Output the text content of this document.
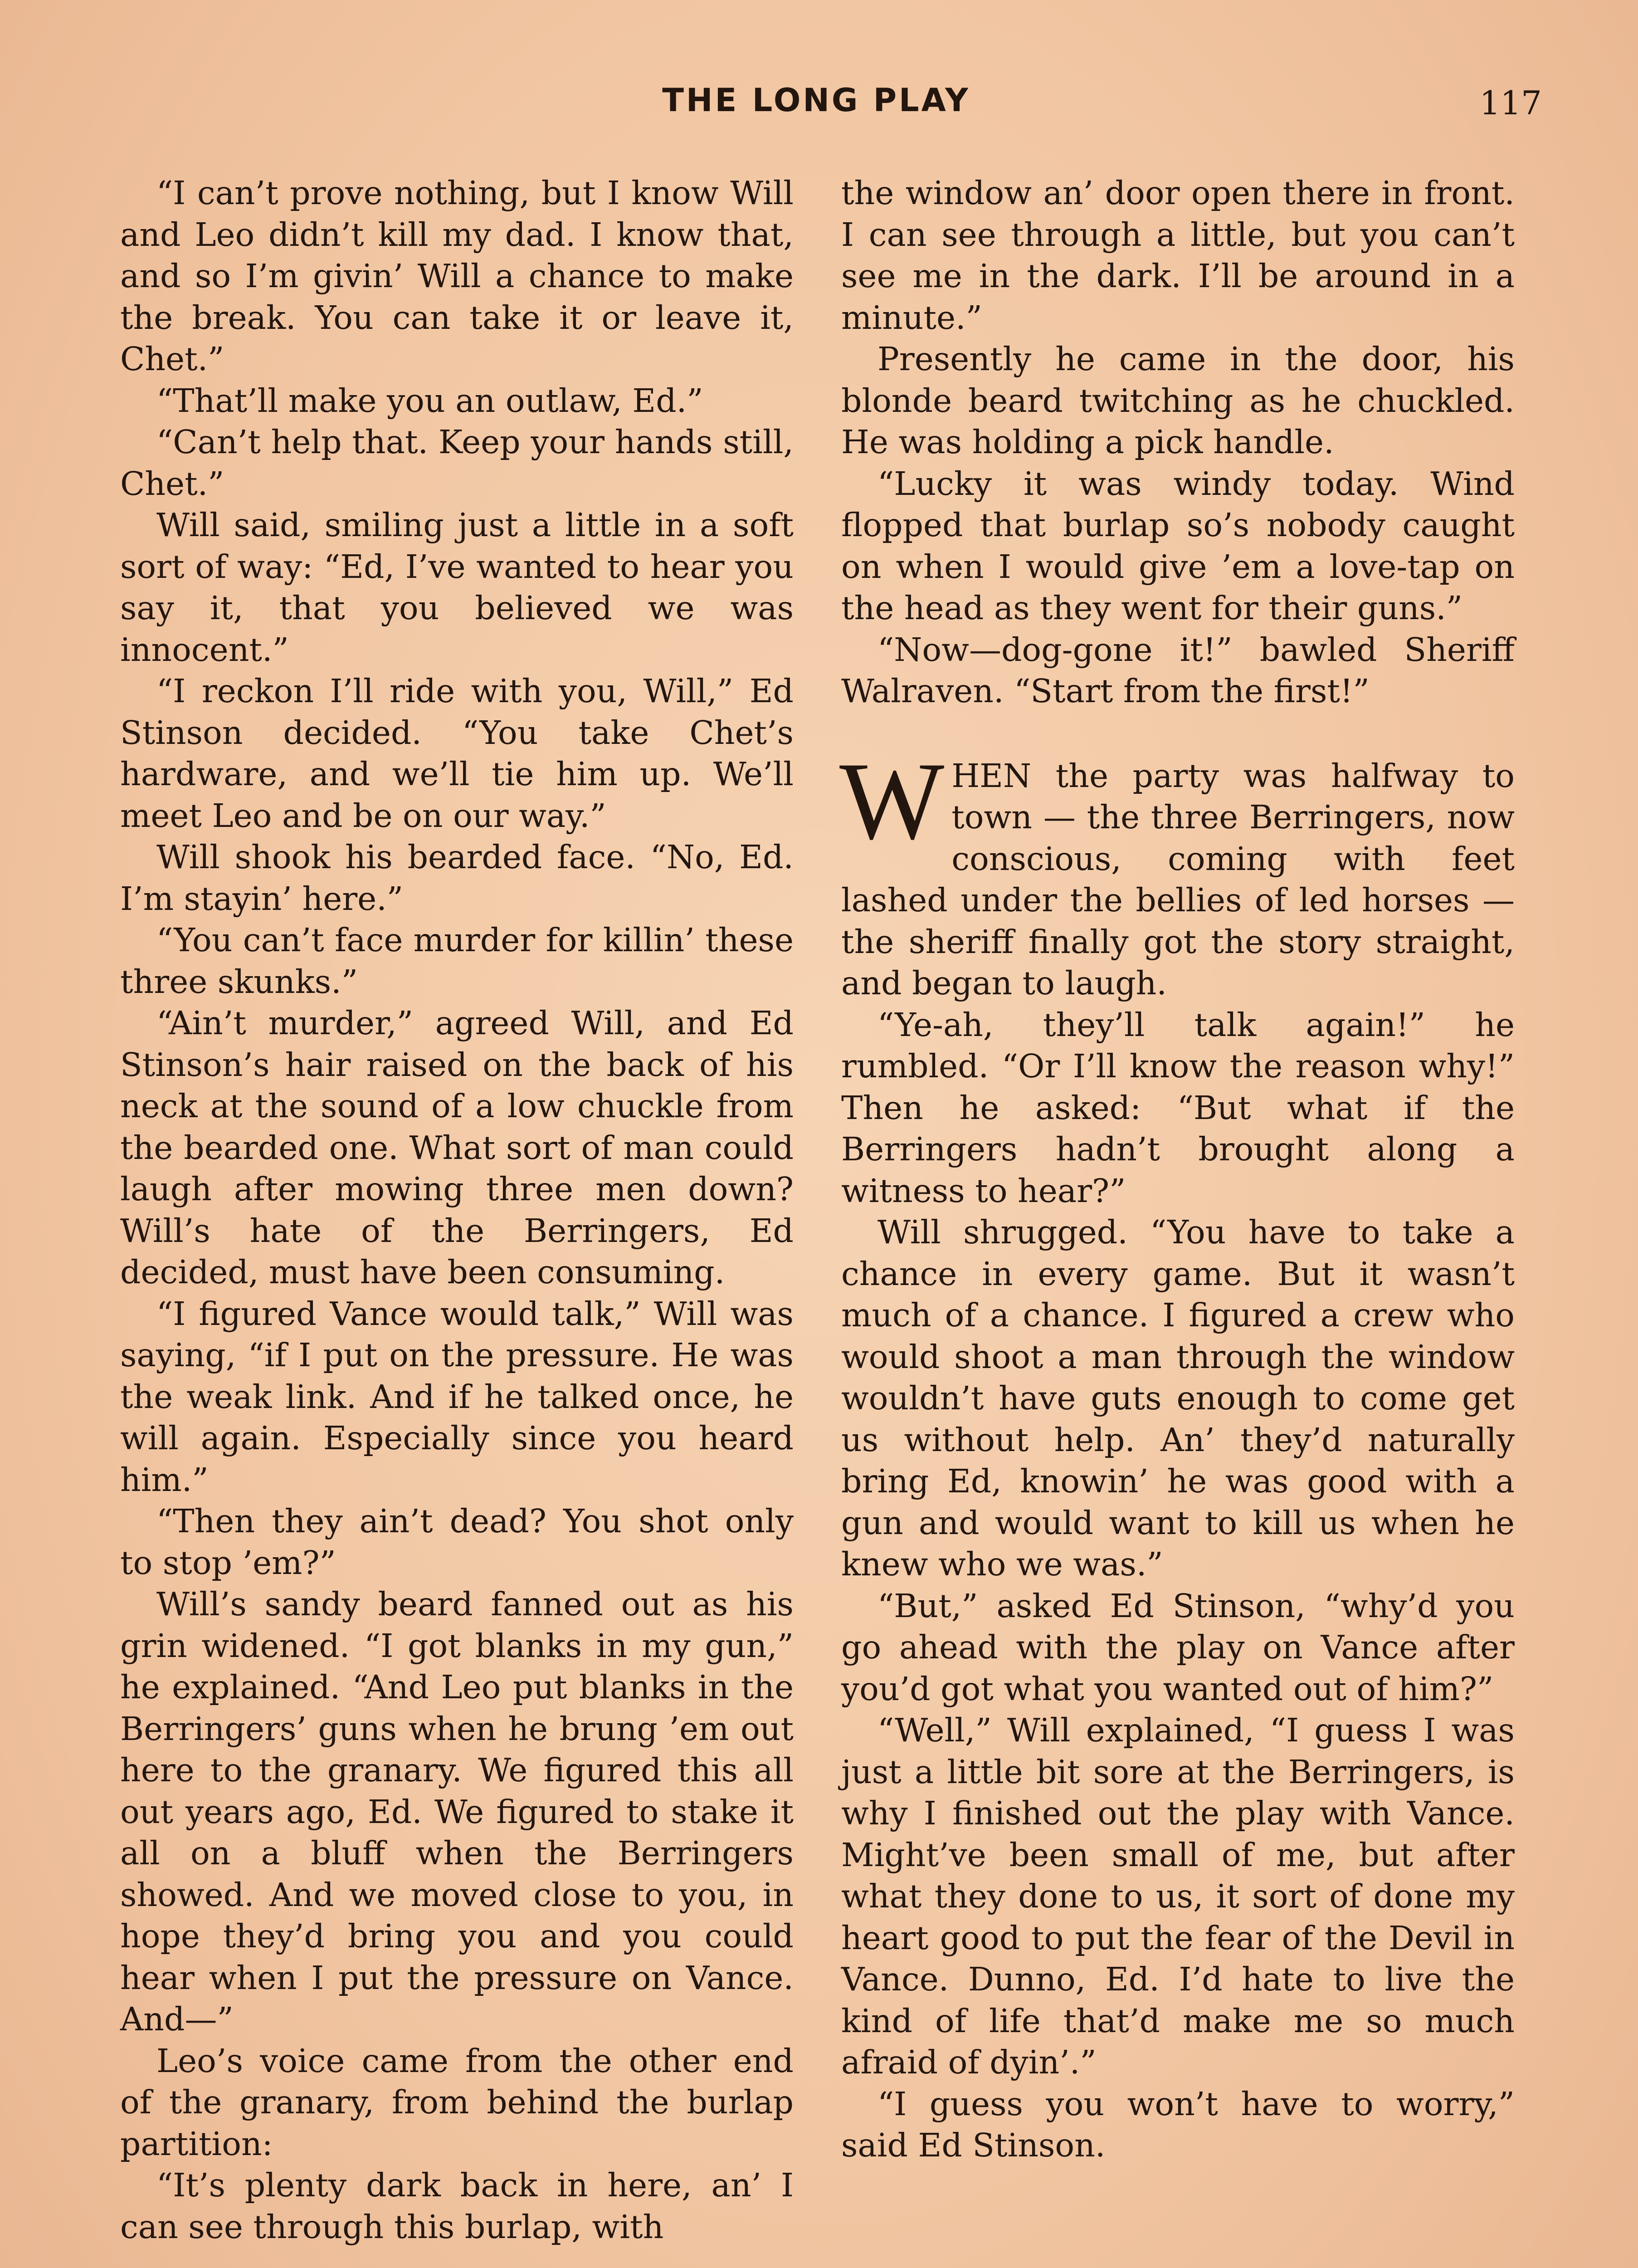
THE LONG PLAY	117

“I can’t prove nothing, but I know Will and Leo didn’t kill my dad. I know that, and so I’m givin’ Will a chance to make the break. You can take it or leave it, Chet.”

“That’ll make you an outlaw, Ed.”

“Can’t help that. Keep your hands still, Chet.”

Will said, smiling just a little in a soft sort of way: “Ed, I’ve wanted to hear you say it, that you believed we was innocent.”

“I reckon I’ll ride with you, Will,” Ed Stinson decided. “You take Chet’s hardware, and we’ll tie him up. We’ll meet Leo and be on our way.”

Will shook his bearded face. “No, Ed. I’m stayin’ here.”

“You can’t face murder for killin’ these three skunks.”

“Ain’t murder,” agreed Will, and Ed Stinson’s hair raised on the back of his neck at the sound of a low chuckle from the bearded one. What sort of man could laugh after mowing three men down? Will’s hate of the Berringers, Ed decided, must have been consuming.

“I figured Vance would talk,” Will was saying, “if I put on the pressure. He was the weak link. And if he talked once, he will again. Especially since you heard him.”

“Then they ain’t dead? You shot only to stop ’em?”

Will’s sandy beard fanned out as his grin widened. “I got blanks in my gun,” he explained. “And Leo put blanks in the Berringers’ guns when he brung ’em out here to the granary. We figured this all out years ago, Ed. We figured to stake it all on a bluff when the Berringers showed. And we moved close to you, in hope they’d bring you and you could hear when I put the pressure on Vance. And—”

Leo’s voice came from the other end of the granary, from behind the burlap partition:

“It’s plenty dark back in here, an’ I can see through this burlap, with

the window an’ door open there in front. I can see through a little, but you can’t see me in the dark. I’ll be around in a minute.”

Presently he came in the door, his blonde beard twitching as he chuckled. He was holding a pick handle.

“Lucky it was windy today. Wind flopped that burlap so’s nobody caught on when I would give ’em a love-tap on the head as they went for their guns.”

“Now—dog-gone it!” bawled Sheriff Walraven. “Start from the first!”

W HEN the party was halfway to town — the three Berringers, now conscious, coming with feet lashed under the bellies of led horses —the sheriff finally got the story straight, and began to laugh.

“Ye-ah, they’ll talk again!” he rumbled. “Or I’ll know the reason why!” Then he asked: “But what if the Berringers hadn’t brought along a witness to hear?”

Will shrugged. “You have to take a chance in every game. But it wasn’t much of a chance. I figured a crew who would shoot a man through the window wouldn’t have guts enough to come get us without help. An’ they’d naturally bring Ed, knowin’ he was good with a gun and would want to kill us when he knew who we was.”

“But,” asked Ed Stinson, “why’d you go ahead with the play on Vance after you’d got what you wanted out of him?”

“Well,” Will explained, “I guess I was just a little bit sore at the Berringers, is why I finished out the play with Vance. Might’ve been small of me, but after what they done to us, it sort of done my heart good to put the fear of the Devil in Vance. Dunno, Ed. I’d hate to live the kind of life that’d make me so much afraid of dyin’.”

“I guess you won’t have to worry,” said Ed Stinson.
